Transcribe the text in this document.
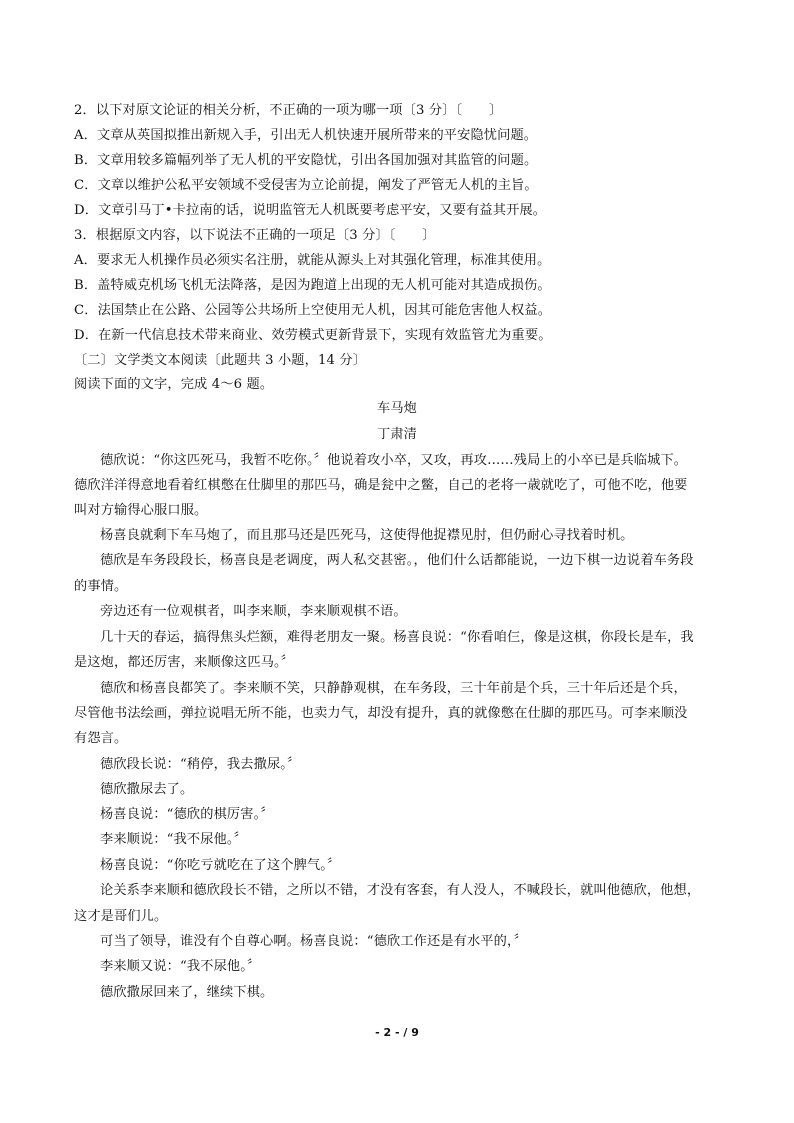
2．以下对原文论证的相关分析，不正确的一项为哪一项〔3 分〕〔　　〕
A．文章从英国拟推出新规入手，引出无人机快速开展所带来的平安隐忧问题。
B．文章用较多篇幅列举了无人机的平安隐忧，引出各国加强对其监管的问题。
C．文章以维护公私平安领域不受侵害为立论前提，阐发了严管无人机的主旨。
D．文章引马丁•卡拉南的话，说明监管无人机既要考虑平安，又要有益其开展。
3．根据原文内容，以下说法不正确的一项足〔3 分〕〔　　〕
A．要求无人机操作员必须实名注册，就能从源头上对其强化管理，标准其使用。
B．盖特威克机场飞机无法降落，是因为跑道上出现的无人机可能对其造成损伤。
C．法国禁止在公路、公园等公共场所上空使用无人机，因其可能危害他人权益。
D．在新一代信息技术带来商业、效劳模式更新背景下，实现有效监管尤为重要。
〔二〕文学类文本阅读〔此题共 3 小题，14 分〕
阅读下面的文字，完成 4～6 题。
车马炮
丁肃清
德欣说：“你这匹死马，我暂不吃你。〞他说着攻小卒，又攻，再攻……残局上的小卒已是兵临城下。
德欣洋洋得意地看着红棋憋在仕脚里的那匹马，确是瓮中之鳖，自己的老将一歳就吃了，可他不吃，他要
叫对方输得心服口服。
杨喜良就剩下车马炮了，而且那马还是匹死马，这使得他捉襟见肘，但仍耐心寻找着时机。
德欣是车务段段长，杨喜良是老调度，两人私交甚密。，他们什么话都能说，一边下棋一边说着车务段
的事情。
旁边还有一位观棋者，叫李来顺，李来顺观棋不语。
几十天的春运，搞得焦头烂额，难得老朋友一聚。杨喜良说：“你看咱仨，像是这棋，你段长是车，我
是这炮，都还厉害，来顺像这匹马。〞
德欣和杨喜良都笑了。李来顺不笑，只静静观棋，在车务段，三十年前是个兵，三十年后还是个兵，
尽管他书法绘画，弹拉说唱无所不能，也卖力气，却没有提升，真的就像憋在仕脚的那匹马。可李来顺没
有怨言。
德欣段长说：“稍停，我去撒尿。〞
德欣撒尿去了。
杨喜良说：“德欣的棋厉害。〞
李来顺说：“我不尿他。〞
杨喜良说：“你吃亏就吃在了这个脾气。〞
论关系李来顺和德欣段长不错，之所以不错，才没有客套，有人没人，不喊段长，就叫他德欣，他想，
这才是哥们儿。
可当了领导，谁没有个自尊心啊。杨喜良说：“德欣工作还是有水平的，〞
李来顺又说：“我不尿他。〞
德欣撒尿回来了，继续下棋。
- 2 - / 9
